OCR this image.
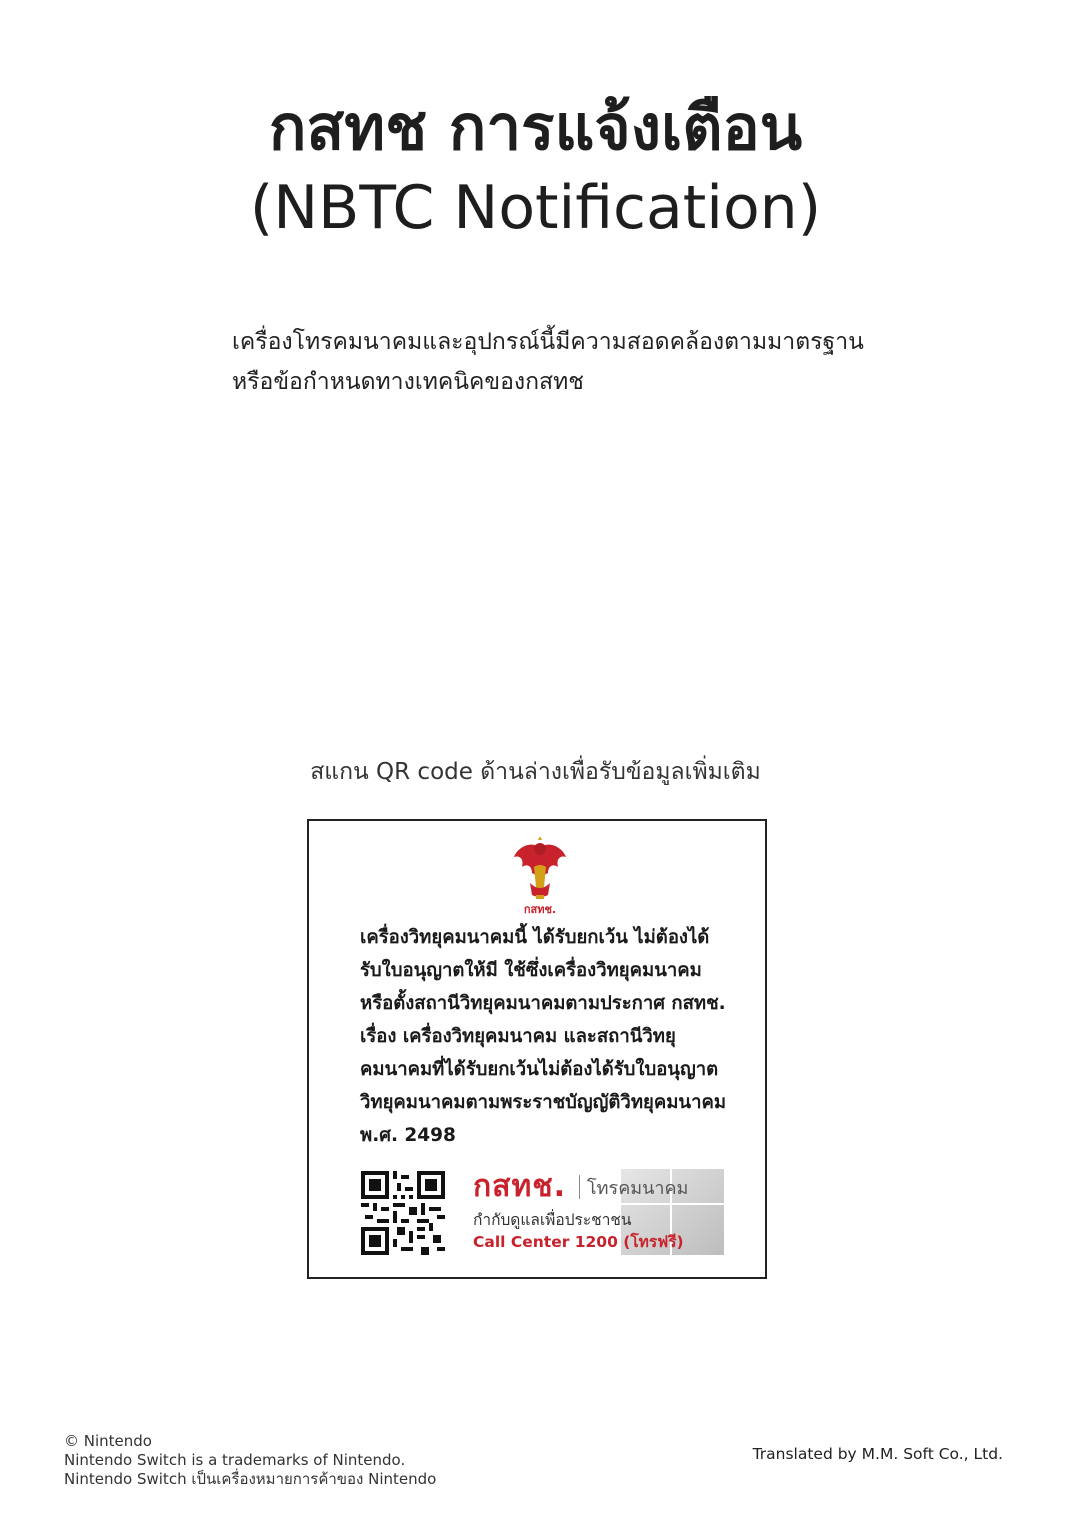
กสทช การแจ้งเตือน
(NBTC Notification)
เครื่องโทรคมนาคมและอุปกรณ์นี้มีความสอดคล้องตามมาตรฐาน
หรือข้อกำหนดทางเทคนิคของกสทช
สแกน QR code ด้านล่างเพื่อรับข้อมูลเพิ่มเติม
กสทช.
เครื่องวิทยุคมนาคมนี้ ได้รับยกเว้น ไม่ต้องได้
รับใบอนุญาตให้มี ใช้ซึ่งเครื่องวิทยุคมนาคม
หรือตั้งสถานีวิทยุคมนาคมตามประกาศ กสทช.
เรื่อง เครื่องวิทยุคมนาคม และสถานีวิทยุ
คมนาคมที่ได้รับยกเว้นไม่ต้องได้รับใบอนุญาต
วิทยุคมนาคมตามพระราชบัญญัติวิทยุคมนาคม
พ.ศ. 2498
กสทช. โทรคมนาคม
กำกับดูแลเพื่อประชาชน
Call Center 1200 (โทรฟรี)
© Nintendo
Nintendo Switch is a trademarks of Nintendo.
Nintendo Switch เป็นเครื่องหมายการค้าของ Nintendo
Translated by M.M. Soft Co., Ltd.
